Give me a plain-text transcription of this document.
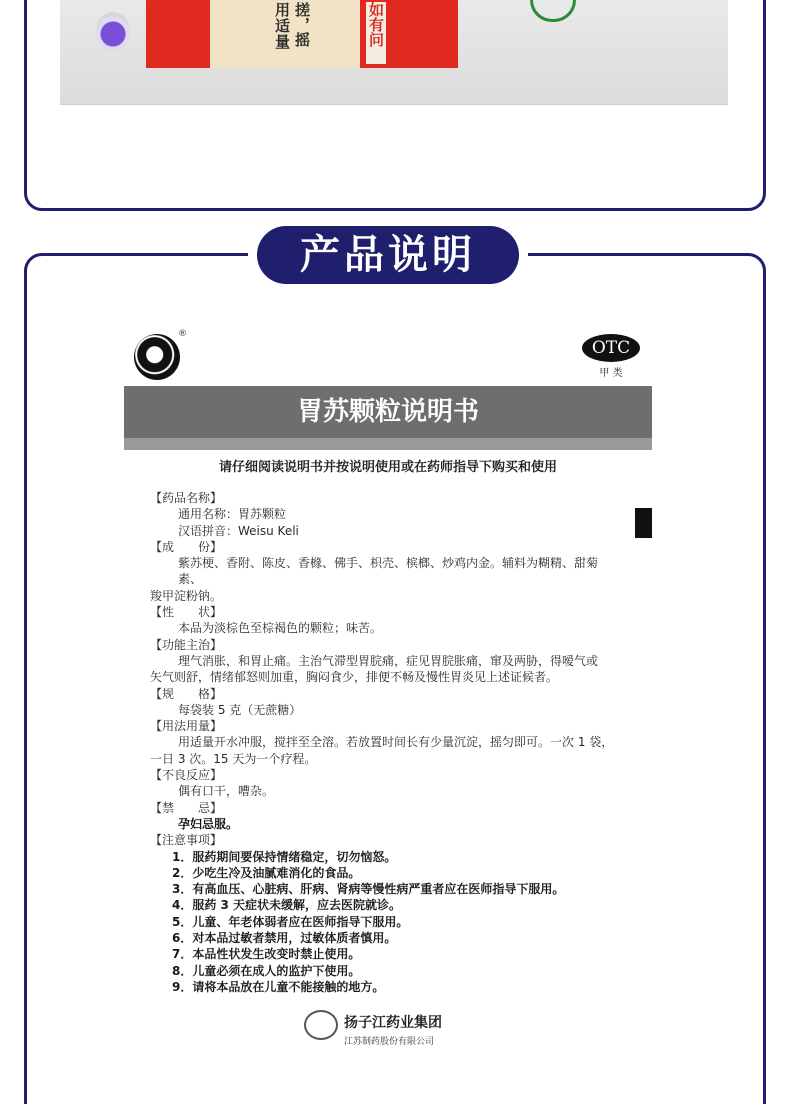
用适量 搓，摇	如有问
产品说明
®
OTC
甲 类
胃苏颗粒说明书
请仔细阅读说明书并按说明使用或在药师指导下购买和使用
【药品名称】
通用名称：胃苏颗粒
汉语拼音：Weisu Keli
【成　　份】
紫苏梗、香附、陈皮、香橼、佛手、枳壳、槟榔、炒鸡内金。辅料为糊精、甜菊素、
羧甲淀粉钠。
【性　　状】
本品为淡棕色至棕褐色的颗粒；味苦。
【功能主治】
理气消胀，和胃止痛。主治气滞型胃脘痛，症见胃脘胀痛，窜及两胁，得嗳气或
矢气则舒，情绪郁怒则加重，胸闷食少，排便不畅及慢性胃炎见上述证候者。
【规　　格】
每袋装 5 克（无蔗糖）
【用法用量】
用适量开水冲服，搅拌至全溶。若放置时间长有少量沉淀，摇匀即可。一次 1 袋，
一日 3 次。15 天为一个疗程。
【不良反应】
偶有口干，嘈杂。
【禁　　忌】
孕妇忌服。
【注意事项】
1．服药期间要保持情绪稳定，切勿恼怒。
2．少吃生冷及油腻难消化的食品。
3．有高血压、心脏病、肝病、肾病等慢性病严重者应在医师指导下服用。
4．服药 3 天症状未缓解，应去医院就诊。
5．儿童、年老体弱者应在医师指导下服用。
6．对本品过敏者禁用，过敏体质者慎用。
7．本品性状发生改变时禁止使用。
8．儿童必须在成人的监护下使用。
9．请将本品放在儿童不能接触的地方。
扬子江药业集团
江苏制药股份有限公司
